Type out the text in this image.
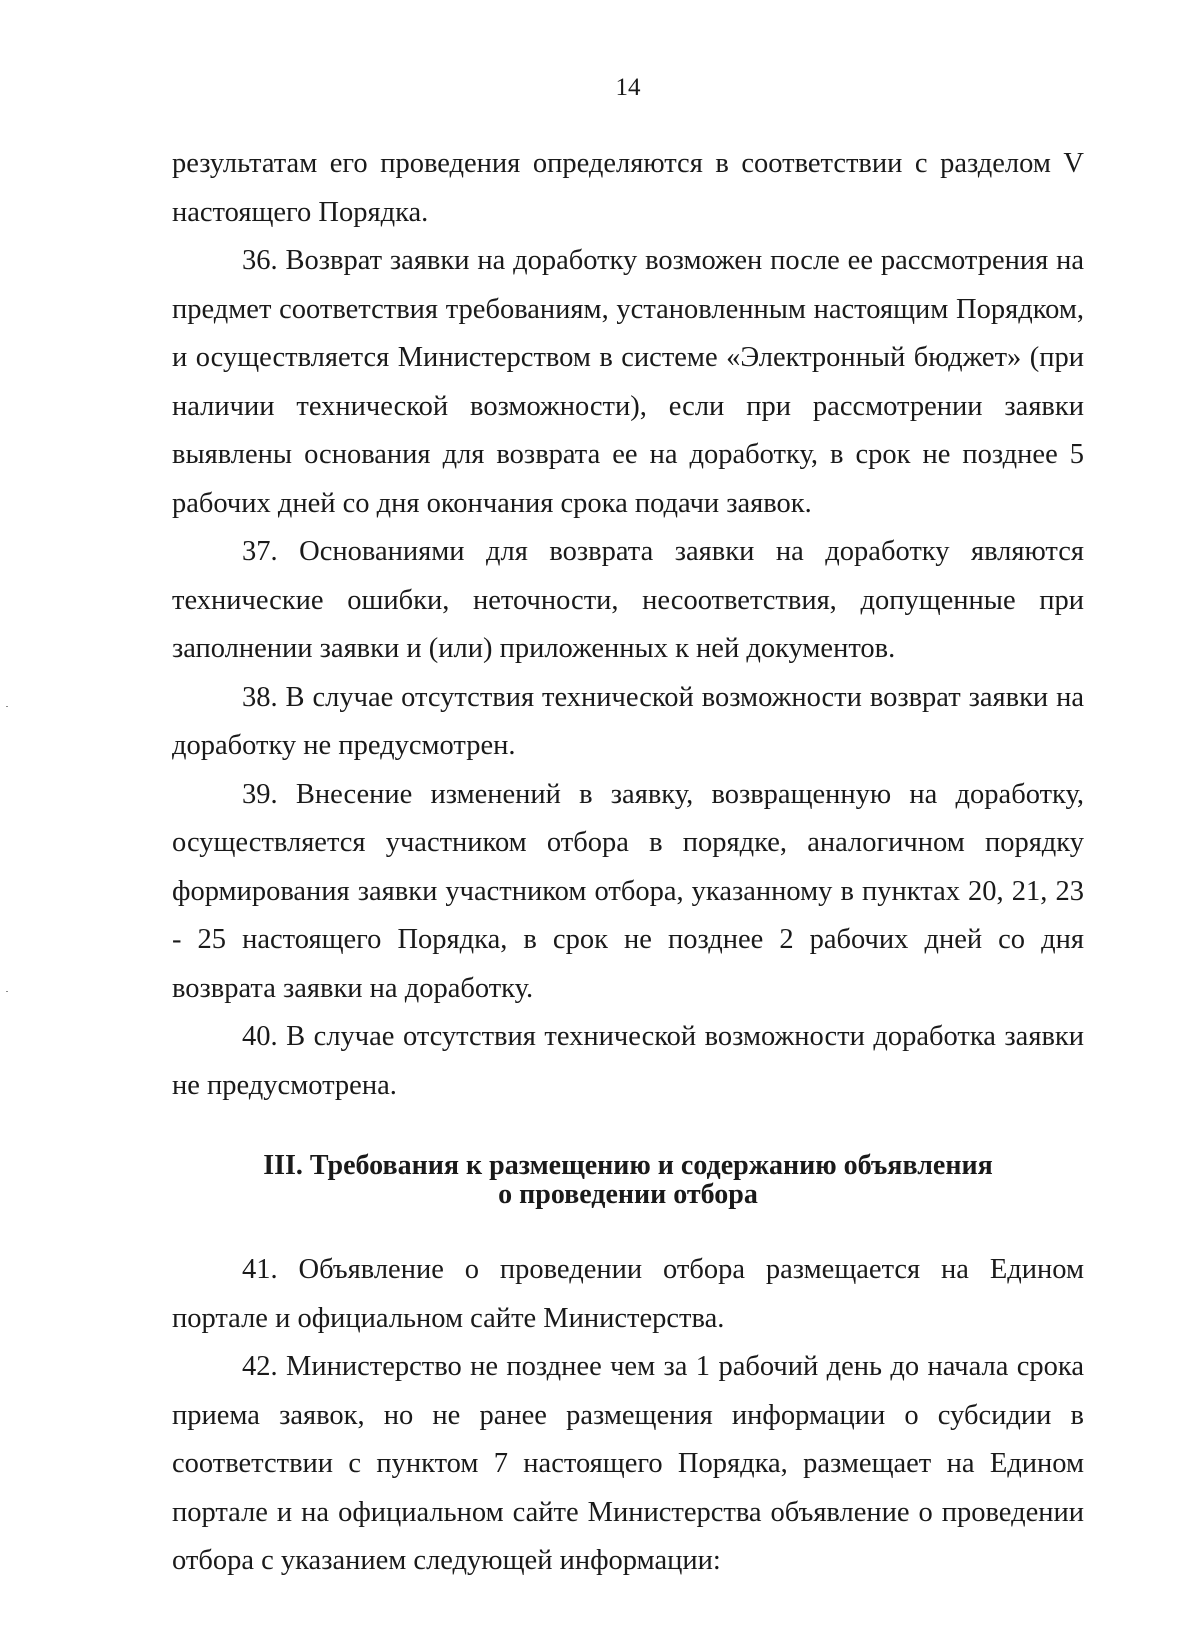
14

результатам его проведения определяются в соответствии с разделом V настоящего Порядка.

36. Возврат заявки на доработку возможен после ее рассмотрения на предмет соответствия требованиям, установленным настоящим Порядком, и осуществляется Министерством в системе «Электронный бюджет» (при наличии технической возможности), если при рассмотрении заявки выявлены основания для возврата ее на доработку, в срок не позднее 5 рабочих дней со дня окончания срока подачи заявок.

37. Основаниями для возврата заявки на доработку являются технические ошибки, неточности, несоответствия, допущенные при заполнении заявки и (или) приложенных к ней документов.

38. В случае отсутствия технической возможности возврат заявки на доработку не предусмотрен.

39. Внесение изменений в заявку, возвращенную на доработку, осуществляется участником отбора в порядке, аналогичном порядку формирования заявки участником отбора, указанному в пунктах 20, 21, 23 - 25 настоящего Порядка, в срок не позднее 2 рабочих дней со дня возврата заявки на доработку.

40. В случае отсутствия технической возможности доработка заявки не предусмотрена.

III. Требования к размещению и содержанию объявления
о проведении отбора

41. Объявление о проведении отбора размещается на Едином портале и официальном сайте Министерства.

42. Министерство не позднее чем за 1 рабочий день до начала срока приема заявок, но не ранее размещения информации о субсидии в соответствии с пунктом 7 настоящего Порядка, размещает на Едином портале и на официальном сайте Министерства объявление о проведении отбора с указанием следующей информации:
